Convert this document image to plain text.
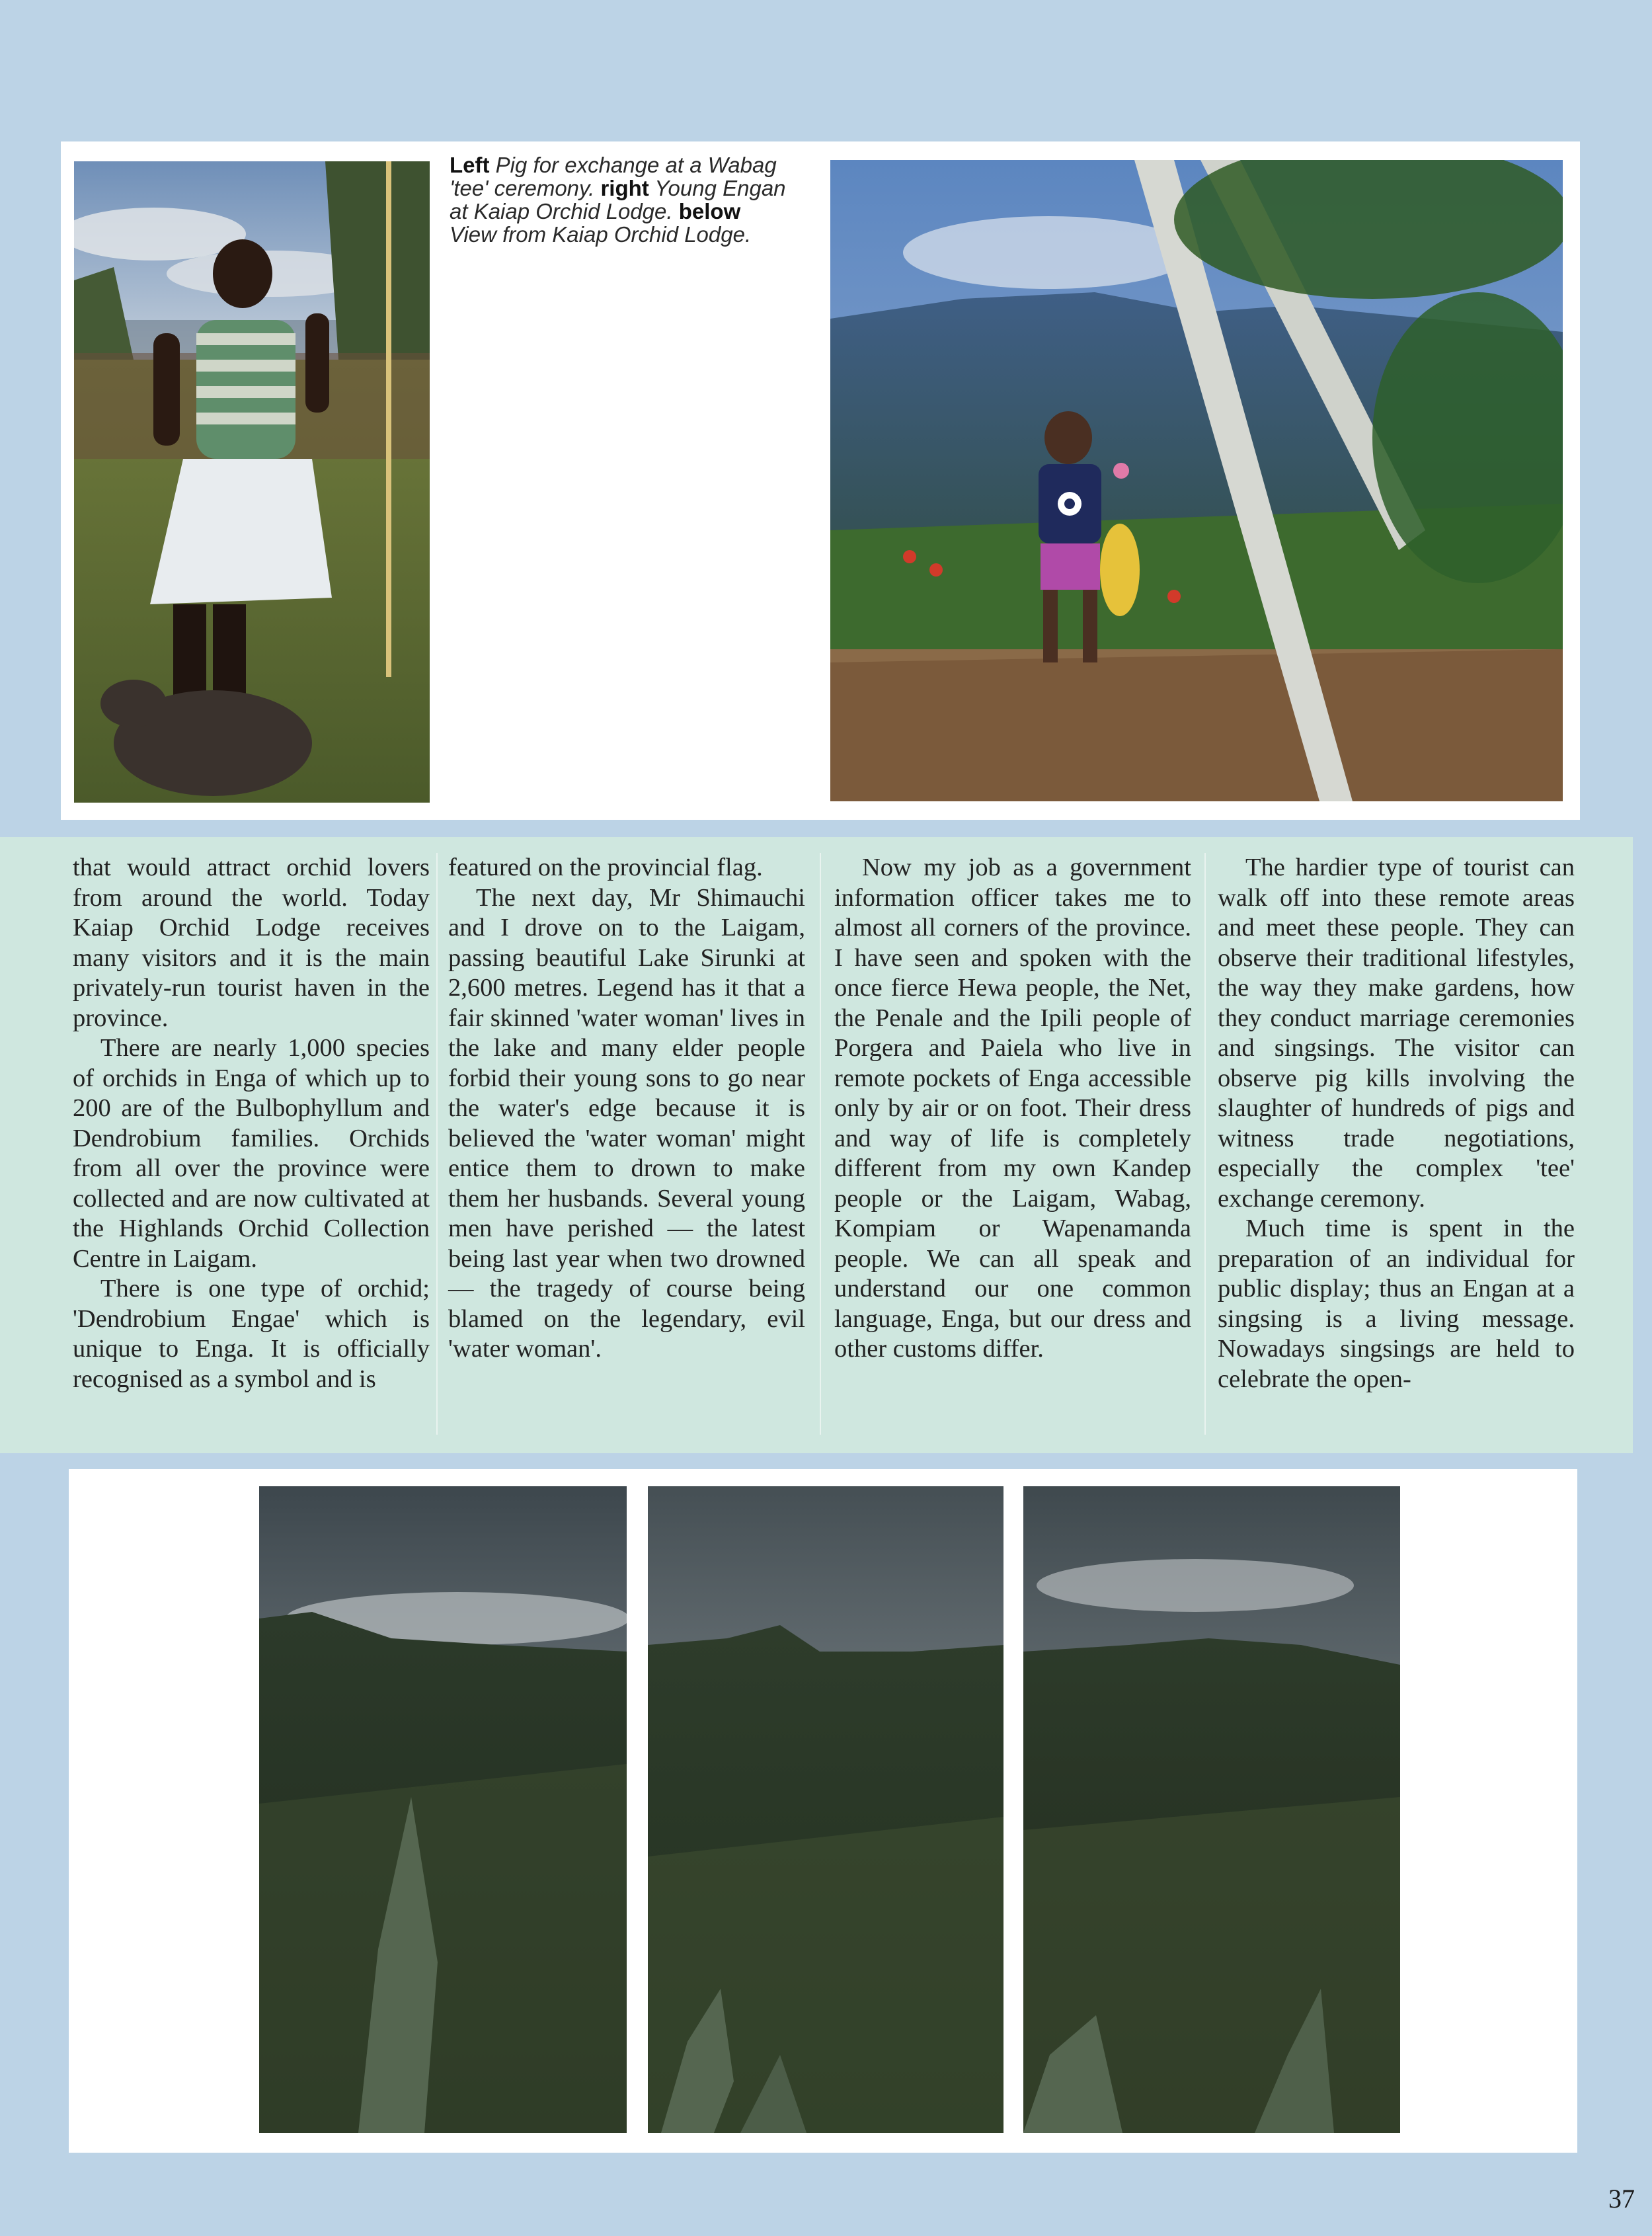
Left Pig for exchange at a Wabag 'tee' ceremony. right Young Engan at Kaiap Orchid Lodge. below View from Kaiap Orchid Lodge.

that would attract orchid lovers from around the world. Today Kaiap Orchid Lodge receives many visitors and it is the main privately-run tourist haven in the province.

There are nearly 1,000 species of orchids in Enga of which up to 200 are of the Bulbophyllum and Dendrobium families. Orchids from all over the province were collected and are now cultivated at the Highlands Orchid Collection Centre in Laigam.

There is one type of orchid; 'Dendrobium Engae' which is unique to Enga. It is officially recognised as a symbol and is

featured on the provincial flag.

The next day, Mr Shimauchi and I drove on to the Laigam, passing beautiful Lake Sirunki at 2,600 metres. Legend has it that a fair skinned 'water woman' lives in the lake and many elder people forbid their young sons to go near the water's edge because it is believed the 'water woman' might entice them to drown to make them her husbands. Several young men have perished — the latest being last year when two drowned — the tragedy of course being blamed on the legendary, evil 'water woman'.

Now my job as a government information officer takes me to almost all corners of the province. I have seen and spoken with the once fierce Hewa people, the Net, the Penale and the Ipili people of Porgera and Paiela who live in remote pockets of Enga accessible only by air or on foot. Their dress and way of life is completely different from my own Kandep people or the Laigam, Wabag, Kompiam or Wapenamanda people. We can all speak and understand our one common language, Enga, but our dress and other customs differ.

The hardier type of tourist can walk off into these remote areas and meet these people. They can observe their traditional lifestyles, the way they make gardens, how they conduct marriage ceremonies and singsings. The visitor can observe pig kills involving the slaughter of hundreds of pigs and witness trade negotiations, especially the complex 'tee' exchange ceremony.

Much time is spent in the preparation of an individual for public display; thus an Engan at a singsing is a living message. Nowadays singsings are held to celebrate the open-

37
